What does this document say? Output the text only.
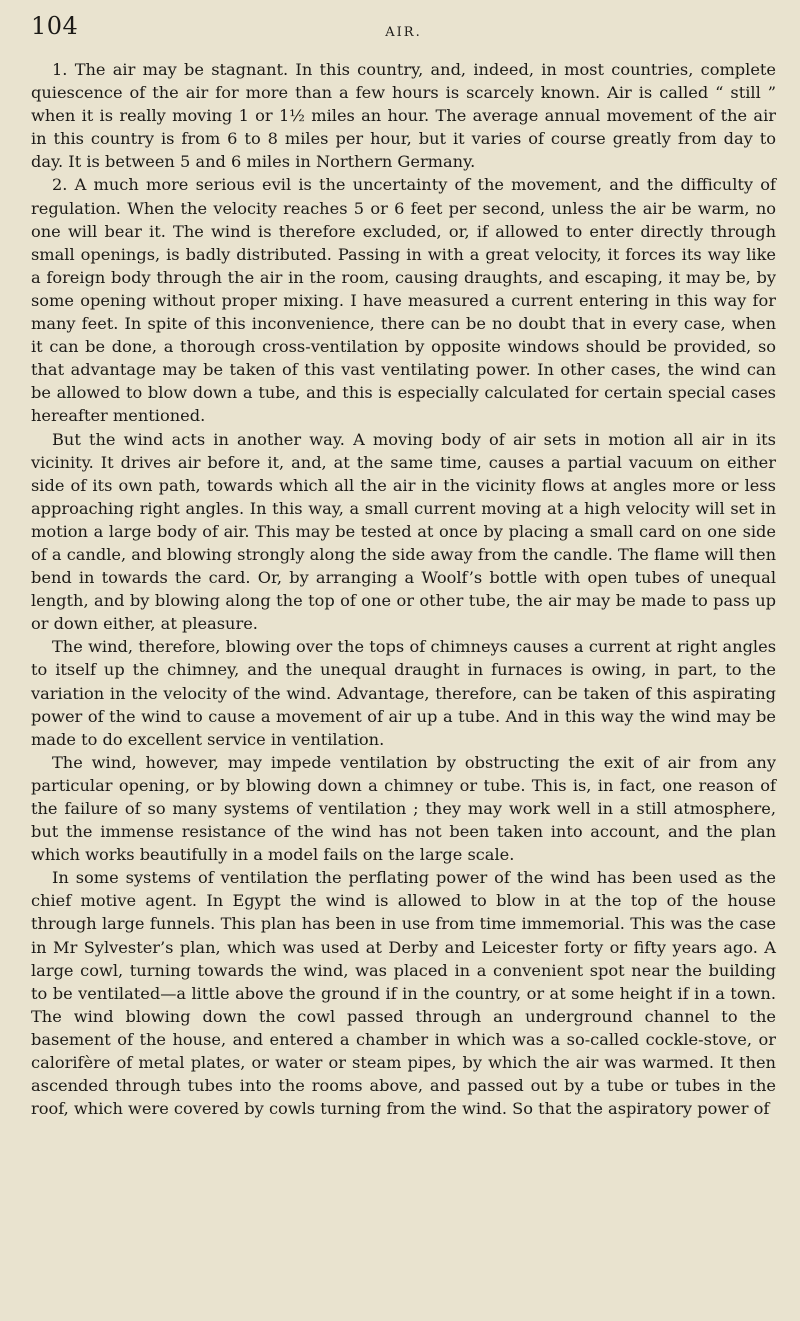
104	AIR.

1. The air may be stagnant. In this country, and, indeed, in most countries, complete quiescence of the air for more than a few hours is scarcely known. Air is called “ still ” when it is really moving 1 or 1½ miles an hour. The average annual movement of the air in this country is from 6 to 8 miles per hour, but it varies of course greatly from day to day. It is between 5 and 6 miles in Northern Germany.

2. A much more serious evil is the uncertainty of the movement, and the difficulty of regulation. When the velocity reaches 5 or 6 feet per second, unless the air be warm, no one will bear it. The wind is therefore excluded, or, if allowed to enter directly through small openings, is badly distributed. Passing in with a great velocity, it forces its way like a foreign body through the air in the room, causing draughts, and escaping, it may be, by some opening without proper mixing. I have measured a current entering in this way for many feet. In spite of this inconvenience, there can be no doubt that in every case, when it can be done, a thorough cross-ventilation by opposite windows should be provided, so that advantage may be taken of this vast ventilating power. In other cases, the wind can be allowed to blow down a tube, and this is especially calculated for certain special cases hereafter mentioned.

But the wind acts in another way. A moving body of air sets in motion all air in its vicinity. It drives air before it, and, at the same time, causes a partial vacuum on either side of its own path, towards which all the air in the vicinity flows at angles more or less approaching right angles. In this way, a small current moving at a high velocity will set in motion a large body of air. This may be tested at once by placing a small card on one side of a candle, and blowing strongly along the side away from the candle. The flame will then bend in towards the card. Or, by arranging a Woolf’s bottle with open tubes of unequal length, and by blowing along the top of one or other tube, the air may be made to pass up or down either, at pleasure.

The wind, therefore, blowing over the tops of chimneys causes a current at right angles to itself up the chimney, and the unequal draught in furnaces is owing, in part, to the variation in the velocity of the wind. Advantage, therefore, can be taken of this aspirating power of the wind to cause a movement of air up a tube. And in this way the wind may be made to do excellent service in ventilation.

The wind, however, may impede ventilation by obstructing the exit of air from any particular opening, or by blowing down a chimney or tube. This is, in fact, one reason of the failure of so many systems of ventilation ; they may work well in a still atmosphere, but the immense resistance of the wind has not been taken into account, and the plan which works beautifully in a model fails on the large scale.

In some systems of ventilation the perflating power of the wind has been used as the chief motive agent. In Egypt the wind is allowed to blow in at the top of the house through large funnels. This plan has been in use from time immemorial. This was the case in Mr Sylvester’s plan, which was used at Derby and Leicester forty or fifty years ago. A large cowl, turning towards the wind, was placed in a convenient spot near the building to be ventilated—a little above the ground if in the country, or at some height if in a town. The wind blowing down the cowl passed through an underground channel to the basement of the house, and entered a chamber in which was a so-called cockle-stove, or calorifère of metal plates, or water or steam pipes, by which the air was warmed. It then ascended through tubes into the rooms above, and passed out by a tube or tubes in the roof, which were covered by cowls turning from the wind. So that the aspiratory power of
